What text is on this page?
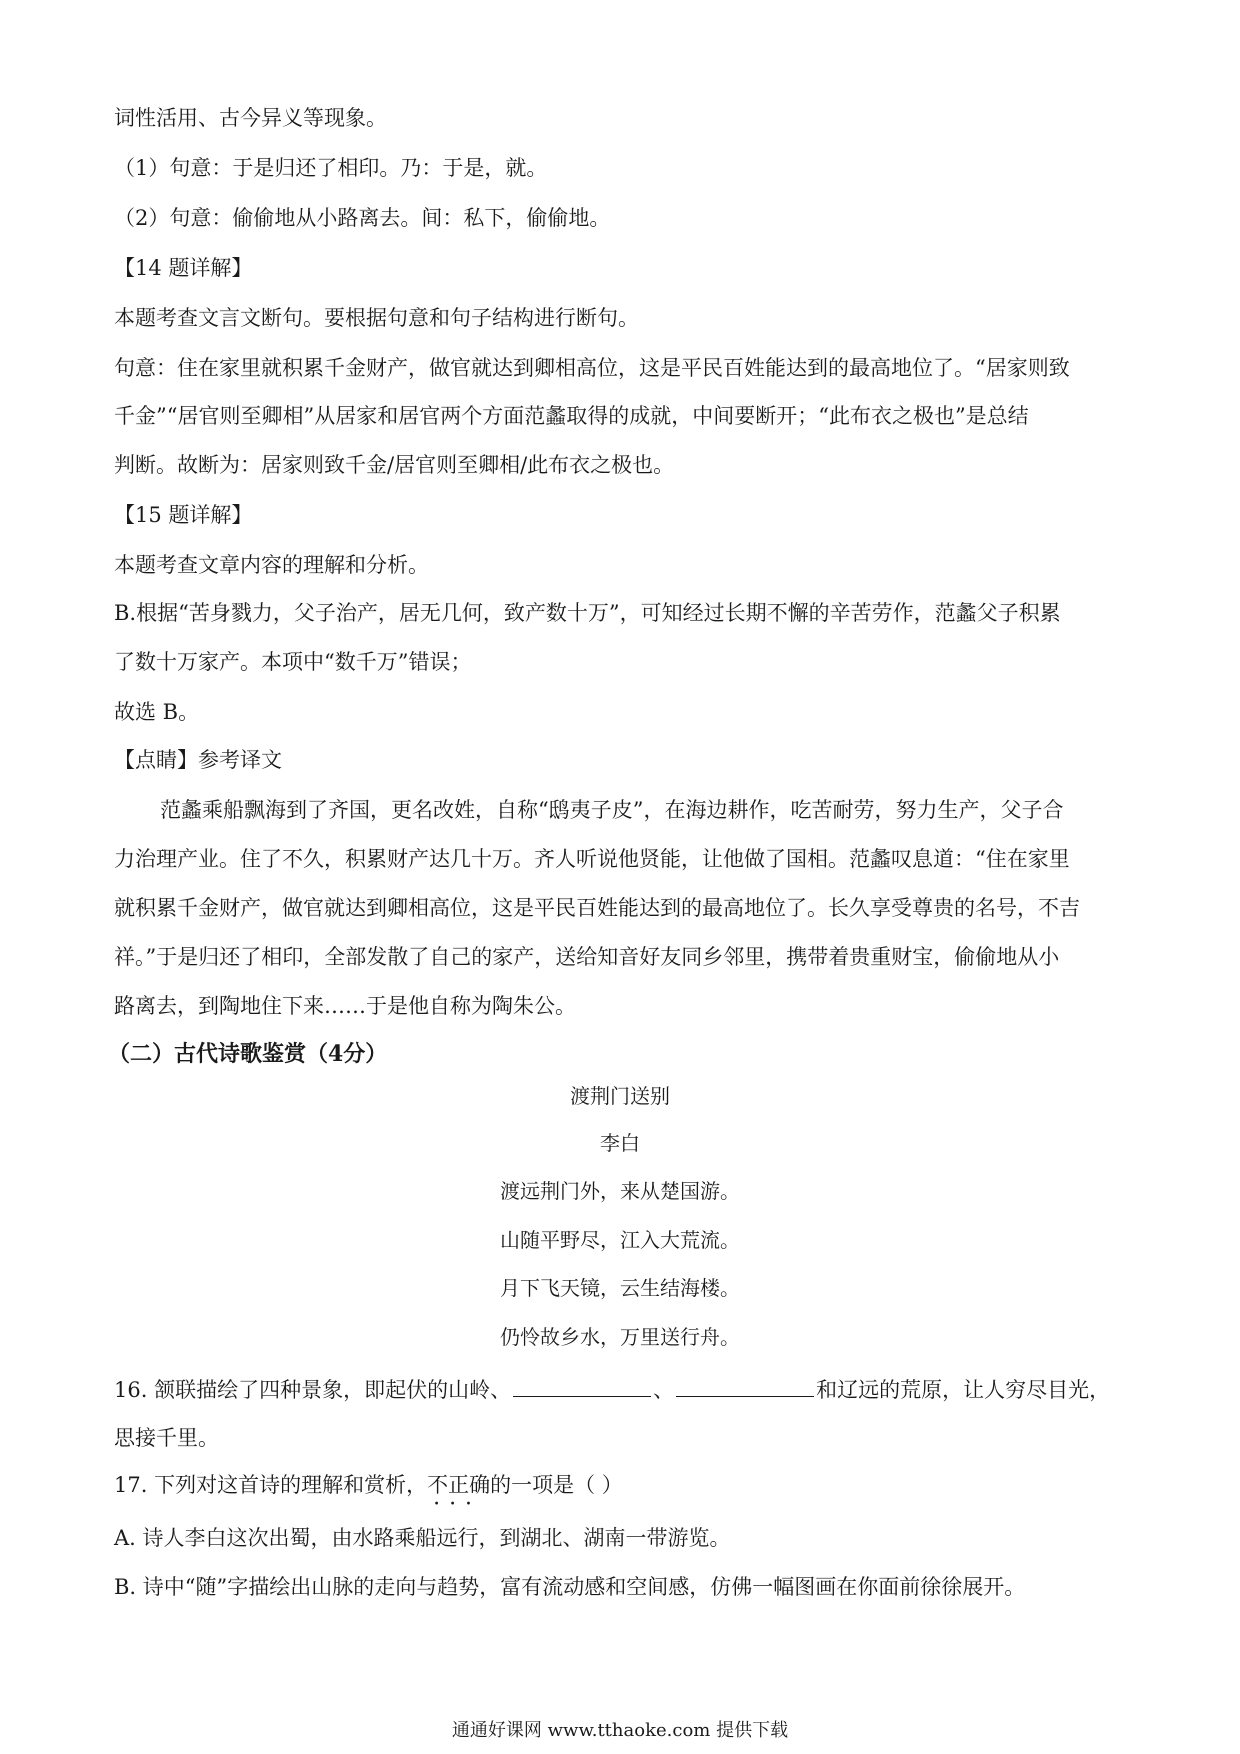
词性活用、古今异义等现象。

（1）句意：于是归还了相印。乃：于是，就。

（2）句意：偷偷地从小路离去。间：私下，偷偷地。

【14 题详解】

本题考查文言文断句。要根据句意和句子结构进行断句。

句意：住在家里就积累千金财产，做官就达到卿相高位，这是平民百姓能达到的最高地位了。“居家则致

千金”“居官则至卿相”从居家和居官两个方面范蠡取得的成就，中间要断开；“此布衣之极也”是总结

判断。故断为：居家则致千金/居官则至卿相/此布衣之极也。

【15 题详解】

本题考查文章内容的理解和分析。

B.根据“苦身戮力，父子治产，居无几何，致产数十万”，可知经过长期不懈的辛苦劳作，范蠡父子积累

了数十万家产。本项中“数千万”错误；

故选 B。

【点睛】参考译文

范蠡乘船飘海到了齐国，更名改姓，自称“鸱夷子皮”，在海边耕作，吃苦耐劳，努力生产，父子合

力治理产业。住了不久，积累财产达几十万。齐人听说他贤能，让他做了国相。范蠡叹息道：“住在家里

就积累千金财产，做官就达到卿相高位，这是平民百姓能达到的最高地位了。长久享受尊贵的名号，不吉

祥。”于是归还了相印，全部发散了自己的家产，送给知音好友同乡邻里，携带着贵重财宝，偷偷地从小

路离去，到陶地住下来……于是他自称为陶朱公。

（二）古代诗歌鉴赏（4分）

渡荆门送别

李白

渡远荆门外，来从楚国游。

山随平野尽，江入大荒流。

月下飞天镜，云生结海楼。

仍怜故乡水，万里送行舟。

16. 颔联描绘了四种景象，即起伏的山岭、	、	和辽远的荒原，让人穷尽目光，

思接千里。

17. 下列对这首诗的理解和赏析，不正确 · · ·的一项是（ ）

A. 诗人李白这次出蜀，由水路乘船远行，到湖北、湖南一带游览。

B. 诗中“随”字描绘出山脉的走向与趋势，富有流动感和空间感，仿佛一幅图画在你面前徐徐展开。

通通好课网 www.tthaoke.com 提供下载
